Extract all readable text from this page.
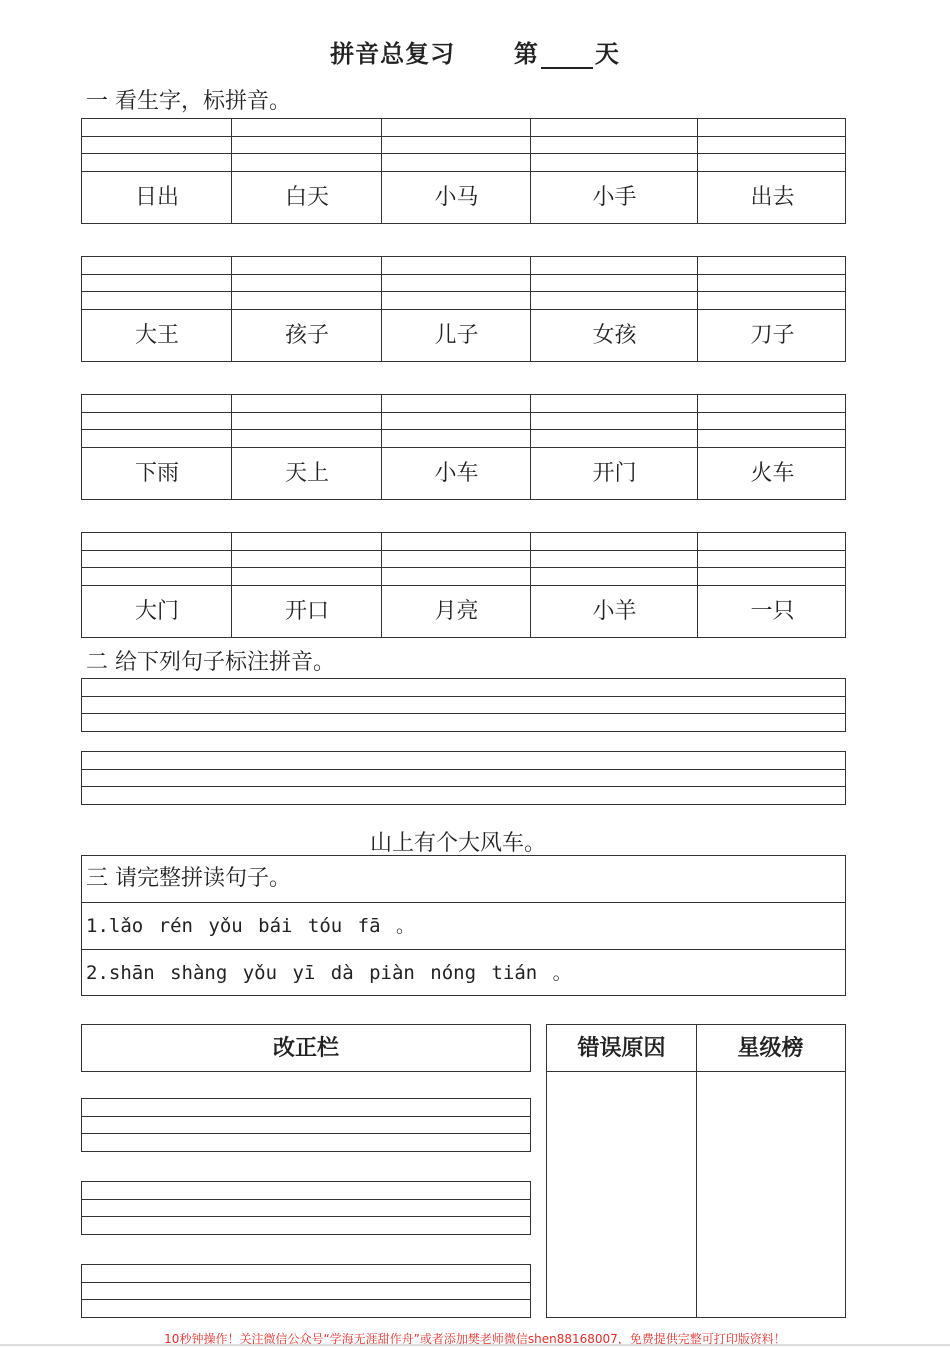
拼音总复习 第 天
一 看生字，标拼音。
日出	白天	小马	小手	出去
大王	孩子	儿子	女孩	刀子
下雨	天上	小车	开门	火车
大门	开口	月亮	小羊	一只
二 给下列句子标注拼音。
山上有个大风车。
三 请完整拼读句子。
1.lǎo rén yǒu bái tóu fā 。
2.shān shàng yǒu yī dà piàn nóng tián 。
改正栏	错误原因	星级榜
10秒钟操作！关注微信公众号“学海无涯甜作舟”或者添加樊老师微信shen88168007，免费提供完整可打印版资料！
